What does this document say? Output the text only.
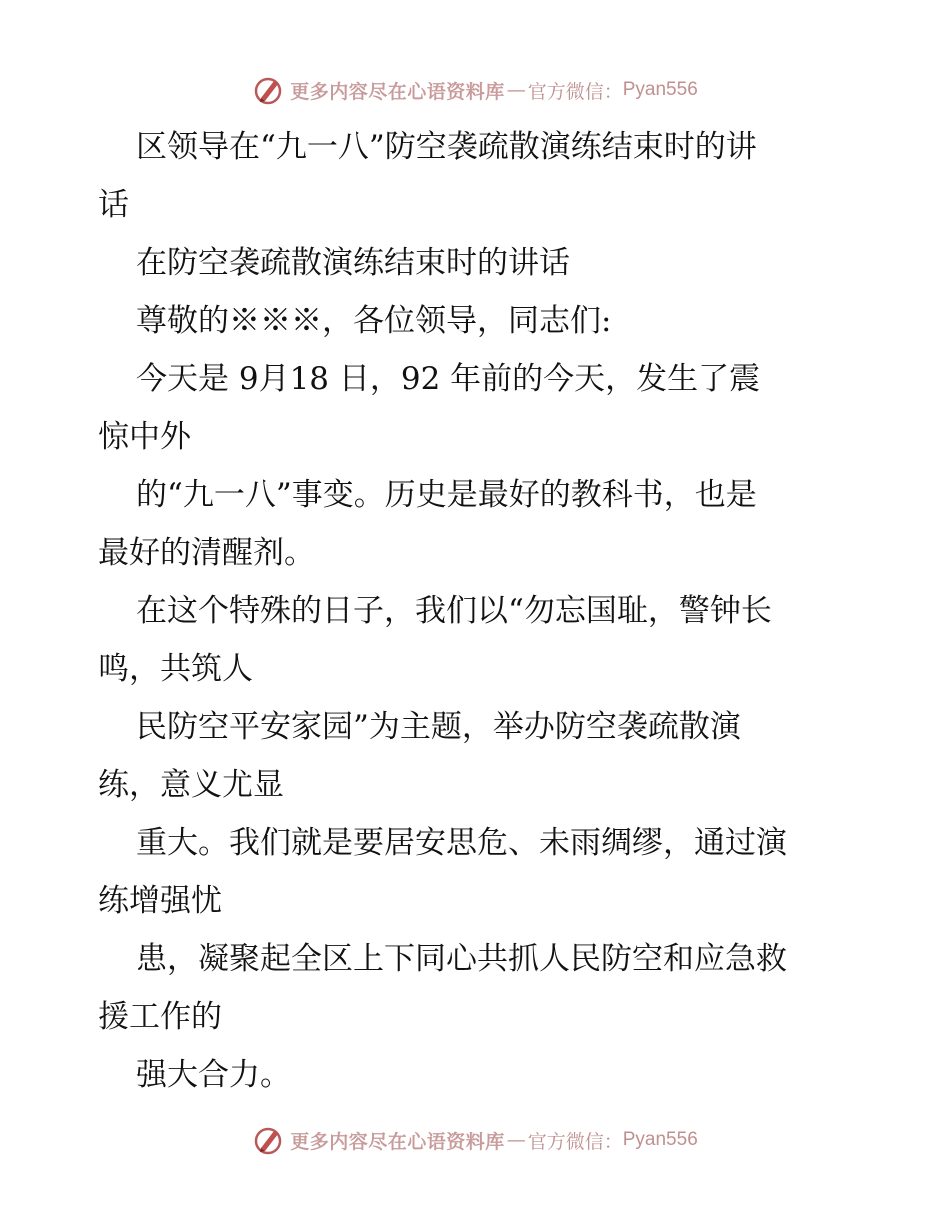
更多内容尽在心语资料库 — 官方微信： Pyan556
区领导在“九一八”防空袭疏散演练结束时的讲
话
在防空袭疏散演练结束时的讲话
尊敬的※※※，各位领导，同志们:
今天是 9月18 日，92 年前的今天，发生了震
惊中外
的“九一八”事变。历史是最好的教科书，也是
最好的清醒剂。
在这个特殊的日子，我们以“勿忘国耻，警钟长
鸣，共筑人
民防空平安家园”为主题，举办防空袭疏散演
练，意义尤显
重大。我们就是要居安思危、未雨绸缪，通过演
练增强忧
患，凝聚起全区上下同心共抓人民防空和应急救
援工作的
强大合力。
更多内容尽在心语资料库 — 官方微信： Pyan556
